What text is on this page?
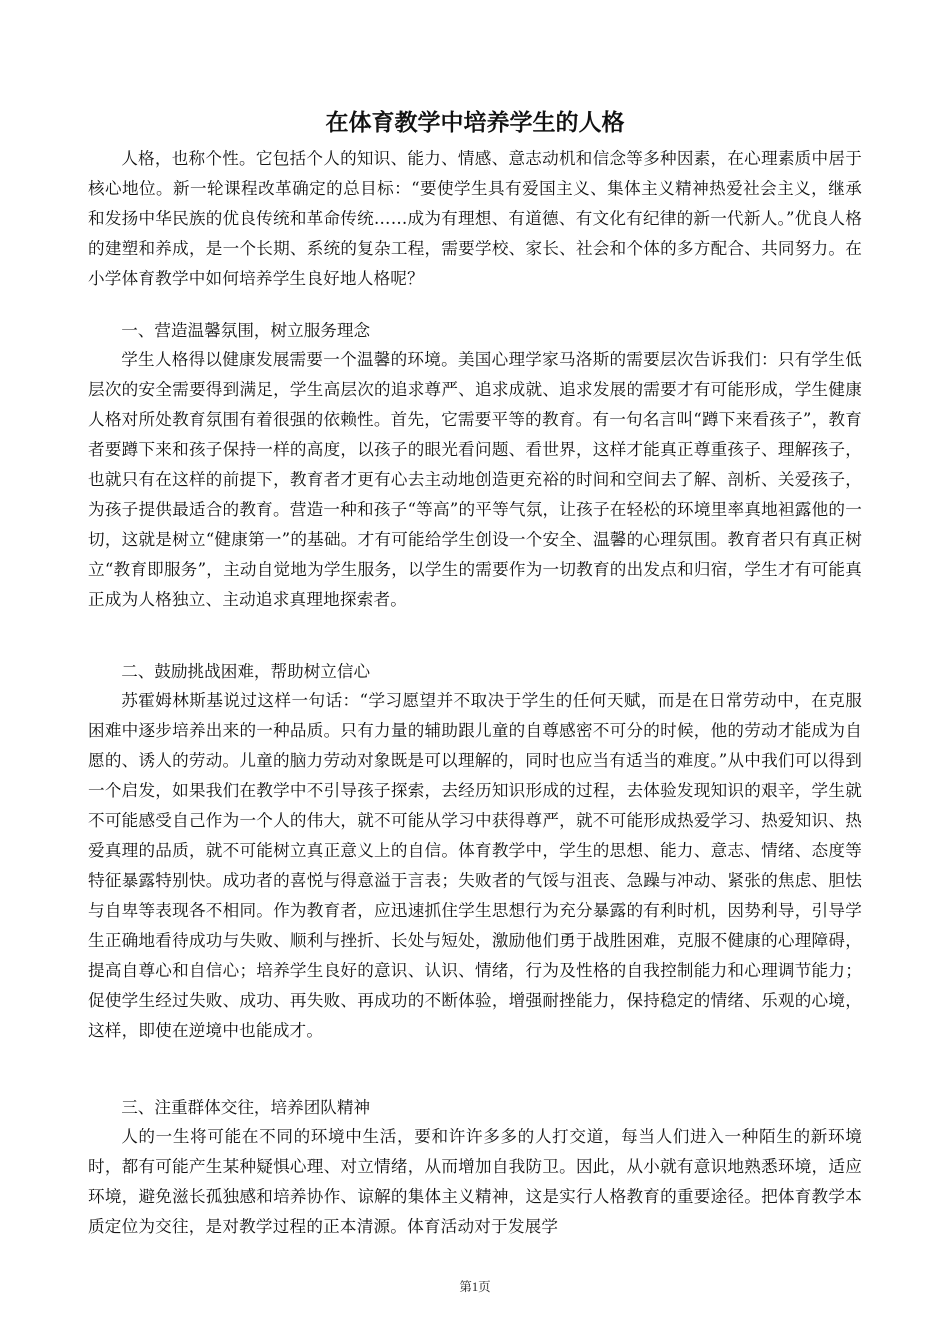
在体育教学中培养学生的人格

人格，也称个性。它包括个人的知识、能力、情感、意志动机和信念等多种因素，在心理素质中居于核心地位。新一轮课程改革确定的总目标：“要使学生具有爱国主义、集体主义精神热爱社会主义，继承和发扬中华民族的优良传统和革命传统……成为有理想、有道德、有文化有纪律的新一代新人。”优良人格的建塑和养成，是一个长期、系统的复杂工程，需要学校、家长、社会和个体的多方配合、共同努力。在小学体育教学中如何培养学生良好地人格呢？

一、营造温馨氛围，树立服务理念

学生人格得以健康发展需要一个温馨的环境。美国心理学家马洛斯的需要层次告诉我们：只有学生低层次的安全需要得到满足，学生高层次的追求尊严、追求成就、追求发展的需要才有可能形成，学生健康人格对所处教育氛围有着很强的依赖性。首先，它需要平等的教育。有一句名言叫“蹲下来看孩子”，教育者要蹲下来和孩子保持一样的高度，以孩子的眼光看问题、看世界，这样才能真正尊重孩子、理解孩子，也就只有在这样的前提下，教育者才更有心去主动地创造更充裕的时间和空间去了解、剖析、关爱孩子，为孩子提供最适合的教育。营造一种和孩子“等高”的平等气氛，让孩子在轻松的环境里率真地袒露他的一切，这就是树立“健康第一”的基础。才有可能给学生创设一个安全、温馨的心理氛围。教育者只有真正树立“教育即服务”，主动自觉地为学生服务，以学生的需要作为一切教育的出发点和归宿，学生才有可能真正成为人格独立、主动追求真理地探索者。

二、鼓励挑战困难，帮助树立信心

苏霍姆林斯基说过这样一句话：“学习愿望并不取决于学生的任何天赋，而是在日常劳动中，在克服困难中逐步培养出来的一种品质。只有力量的辅助跟儿童的自尊感密不可分的时候，他的劳动才能成为自愿的、诱人的劳动。儿童的脑力劳动对象既是可以理解的，同时也应当有适当的难度。”从中我们可以得到一个启发，如果我们在教学中不引导孩子探索，去经历知识形成的过程，去体验发现知识的艰辛，学生就不可能感受自己作为一个人的伟大，就不可能从学习中获得尊严，就不可能形成热爱学习、热爱知识、热爱真理的品质，就不可能树立真正意义上的自信。体育教学中，学生的思想、能力、意志、情绪、态度等特征暴露特别快。成功者的喜悦与得意溢于言表；失败者的气馁与沮丧、急躁与冲动、紧张的焦虑、胆怯与自卑等表现各不相同。作为教育者，应迅速抓住学生思想行为充分暴露的有利时机，因势利导，引导学生正确地看待成功与失败、顺利与挫折、长处与短处，激励他们勇于战胜困难，克服不健康的心理障碍，提高自尊心和自信心；培养学生良好的意识、认识、情绪，行为及性格的自我控制能力和心理调节能力；促使学生经过失败、成功、再失败、再成功的不断体验，增强耐挫能力，保持稳定的情绪、乐观的心境，这样，即使在逆境中也能成才。

三、注重群体交往，培养团队精神

人的一生将可能在不同的环境中生活，要和许许多多的人打交道，每当人们进入一种陌生的新环境时，都有可能产生某种疑惧心理、对立情绪，从而增加自我防卫。因此，从小就有意识地熟悉环境，适应环境，避免滋长孤独感和培养协作、谅解的集体主义精神，这是实行人格教育的重要途径。把体育教学本质定位为交往，是对教学过程的正本清源。体育活动对于发展学

第1页
